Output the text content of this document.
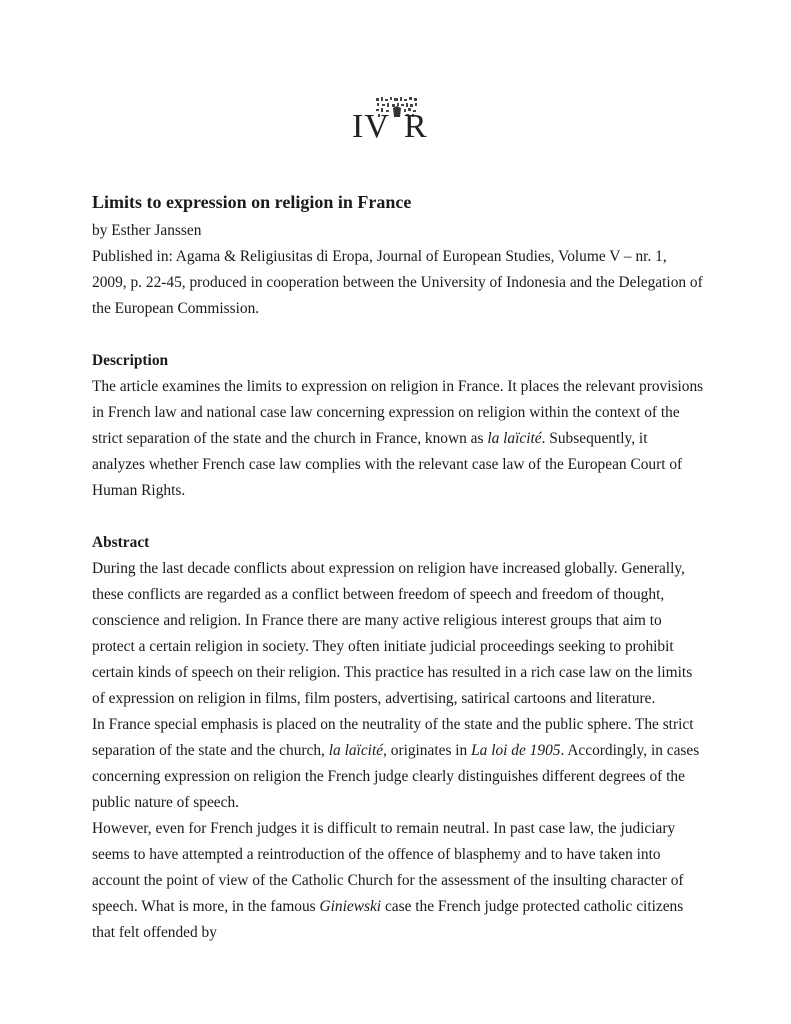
IV R
Limits to expression on religion in France

by Esther Janssen

Published in: Agama & Religiusitas di Eropa, Journal of European Studies, Volume V – nr. 1, 2009, p. 22-45, produced in cooperation between the University of Indonesia and the Delegation of the European Commission.

Description

The article examines the limits to expression on religion in France. It places the relevant provisions in French law and national case law concerning expression on religion within the context of the strict separation of the state and the church in France, known as la laïcité. Subsequently, it analyzes whether French case law complies with the relevant case law of the European Court of Human Rights.

Abstract

During the last decade conflicts about expression on religion have increased globally. Generally, these conflicts are regarded as a conflict between freedom of speech and freedom of thought, conscience and religion. In France there are many active religious interest groups that aim to protect a certain religion in society. They often initiate judicial proceedings seeking to prohibit certain kinds of speech on their religion. This practice has resulted in a rich case law on the limits of expression on religion in films, film posters, advertising, satirical cartoons and literature.

In France special emphasis is placed on the neutrality of the state and the public sphere. The strict separation of the state and the church, la laïcité, originates in La loi de 1905. Accordingly, in cases concerning expression on religion the French judge clearly distinguishes different degrees of the public nature of speech.

However, even for French judges it is difficult to remain neutral. In past case law, the judiciary seems to have attempted a reintroduction of the offence of blasphemy and to have taken into account the point of view of the Catholic Church for the assessment of the insulting character of speech. What is more, in the famous Giniewski case the French judge protected catholic citizens that felt offended by
